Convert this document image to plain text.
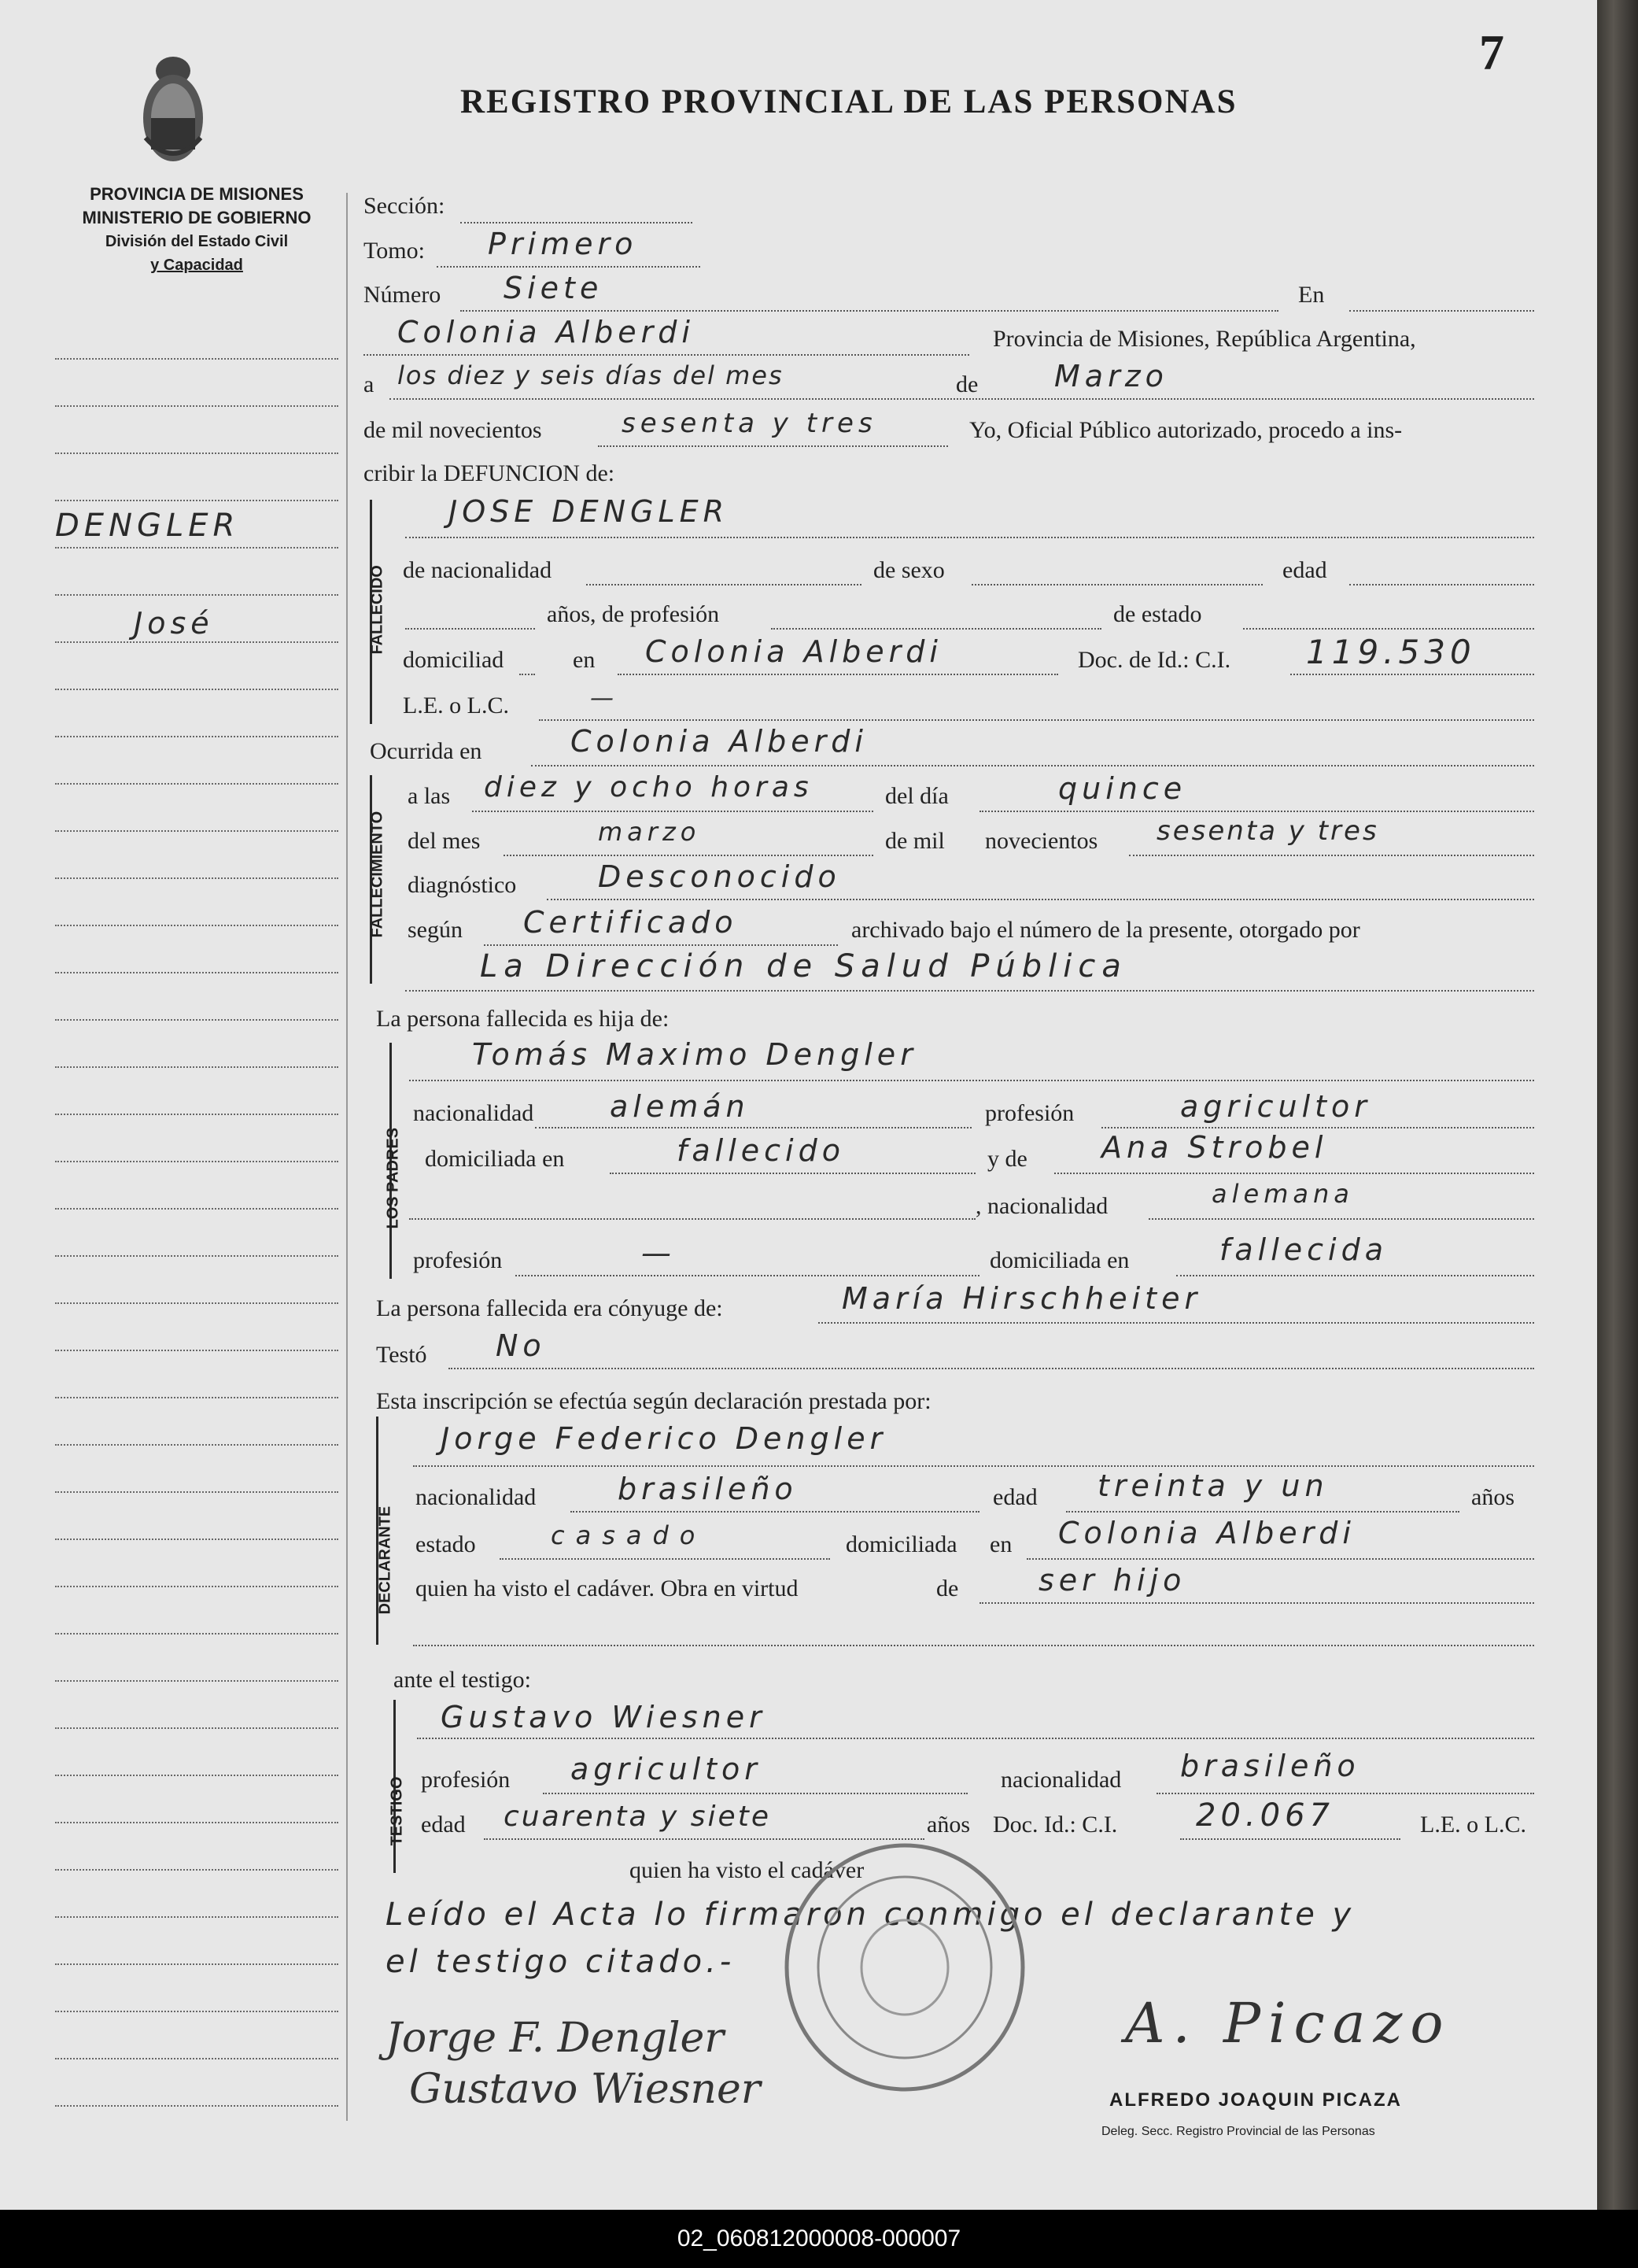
7
REGISTRO PROVINCIAL DE LAS PERSONAS
PROVINCIA DE MISIONES
MINISTERIO DE GOBIERNO
División del Estado Civil
y Capacidad
DENGLER
José
Sección:
Tomo: Primero
Número Siete	En
Colonia Alberdi	Provincia de Misiones, República Argentina,
a los diez y seis días del mes	de	Marzo
de mil novecientos	sesenta y tres	Yo, Oficial Público autorizado, procedo a ins-
cribir la DEFUNCION de:
FALLECIDO
JOSE DENGLER
de nacionalidad	de sexo	edad
años, de profesión	de estado
domiciliad	en Colonia Alberdi	Doc. de Id.: C.I. 119.530
L.E. o L.C.	—
Ocurrida en	Colonia Alberdi
FALLECIMIENTO
a las diez y ocho horas	del día	quince
del mes	marzo	de mil novecientos sesenta y tres
diagnóstico	Desconocido
según Certificado	archivado bajo el número de la presente, otorgado por
La Dirección de Salud Pública
La persona fallecida es hija de:
LOS PADRES
Tomás Maximo Dengler
nacionalidad	alemán	profesión	agricultor
domiciliada en	fallecido	y de Ana Strobel
, nacionalidad	alemana
profesión	—	domiciliada en	fallecida
La persona fallecida era cónyuge de:	María Hirschheiter
Testó No
Esta inscripción se efectúa según declaración prestada por:
DECLARANTE
Jorge Federico Dengler
nacionalidad	brasileño	edad treinta y un	años
estado	casado	domiciliada en Colonia Alberdi
quien ha visto el cadáver. Obra en virtud	de	ser hijo
ante el testigo:
TESTIGO
Gustavo Wiesner
profesión agricultor	nacionalidad brasileño
edad cuarenta y siete	años Doc. Id.: C.I. 20.067	L.E. o L.C.
quien ha visto el cadáver
Leído el Acta lo firmaron conmigo el declarante y
el testigo citado.-
Jorge F. Dengler
Gustavo Wiesner
A. Picazo
ALFREDO JOAQUIN PICAZA
Deleg. Secc. Registro Provincial de las Personas
02_060812000008-000007
